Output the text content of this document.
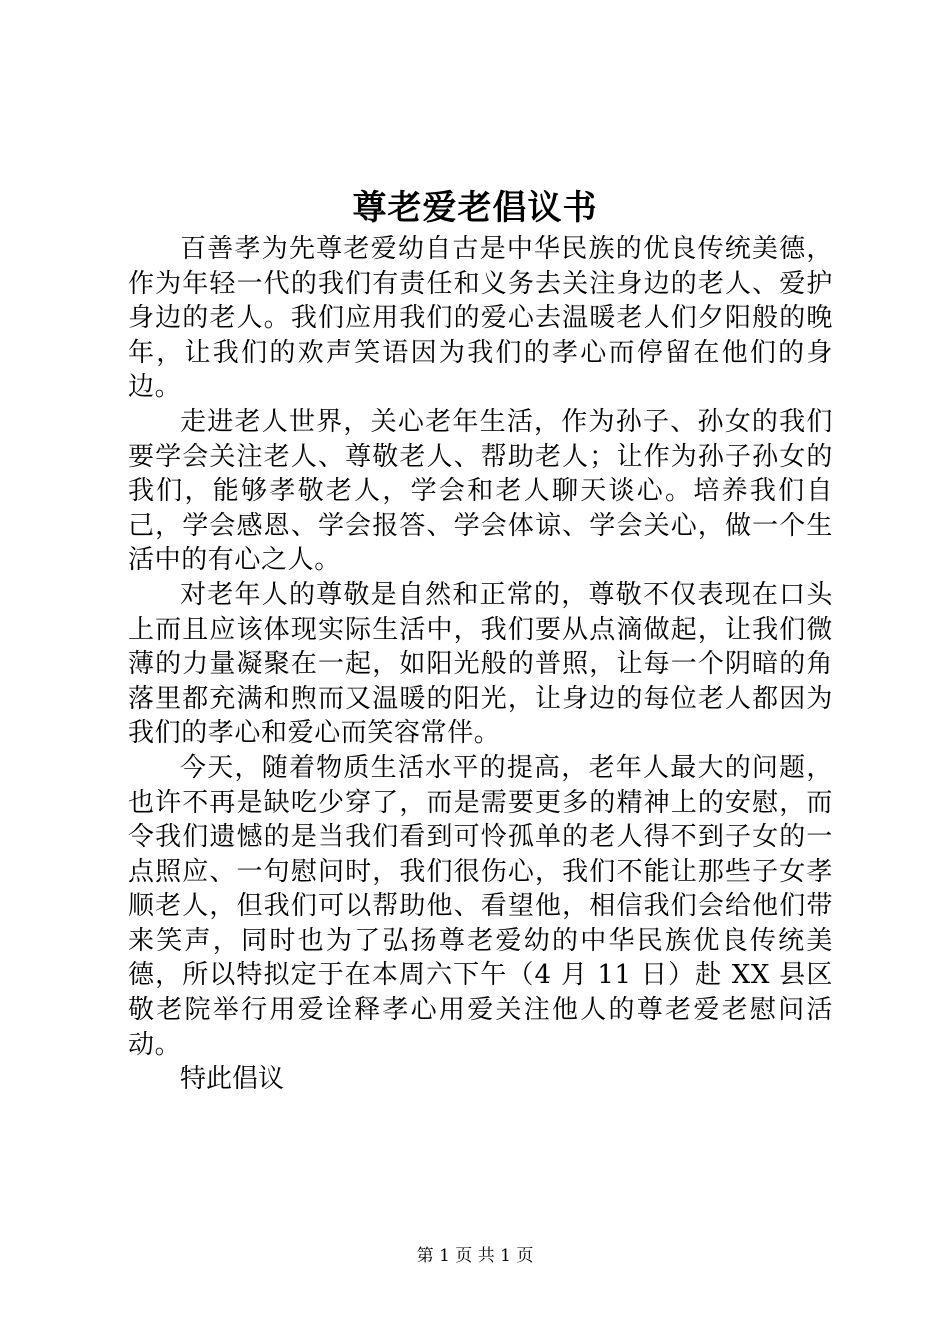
尊老爱老倡议书

百善孝为先尊老爱幼自古是中华民族的优良传统美德，作为年轻一代的我们有责任和义务去关注身边的老人、爱护身边的老人。我们应用我们的爱心去温暖老人们夕阳般的晚年，让我们的欢声笑语因为我们的孝心而停留在他们的身边。

走进老人世界，关心老年生活，作为孙子、孙女的我们要学会关注老人、尊敬老人、帮助老人；让作为孙子孙女的我们，能够孝敬老人，学会和老人聊天谈心。培养我们自己，学会感恩、学会报答、学会体谅、学会关心，做一个生活中的有心之人。

对老年人的尊敬是自然和正常的，尊敬不仅表现在口头上而且应该体现实际生活中，我们要从点滴做起，让我们微薄的力量凝聚在一起，如阳光般的普照，让每一个阴暗的角落里都充满和煦而又温暖的阳光，让身边的每位老人都因为我们的孝心和爱心而笑容常伴。

今天，随着物质生活水平的提高，老年人最大的问题，也许不再是缺吃少穿了，而是需要更多的精神上的安慰，而令我们遗憾的是当我们看到可怜孤单的老人得不到子女的一点照应、一句慰问时，我们很伤心，我们不能让那些子女孝顺老人，但我们可以帮助他、看望他，相信我们会给他们带来笑声，同时也为了弘扬尊老爱幼的中华民族优良传统美德，所以特拟定于在本周六下午（4 月 11 日）赴 XX 县区敬老院举行用爱诠释孝心用爱关注他人的尊老爱老慰问活动。

特此倡议

第 1 页 共 1 页
